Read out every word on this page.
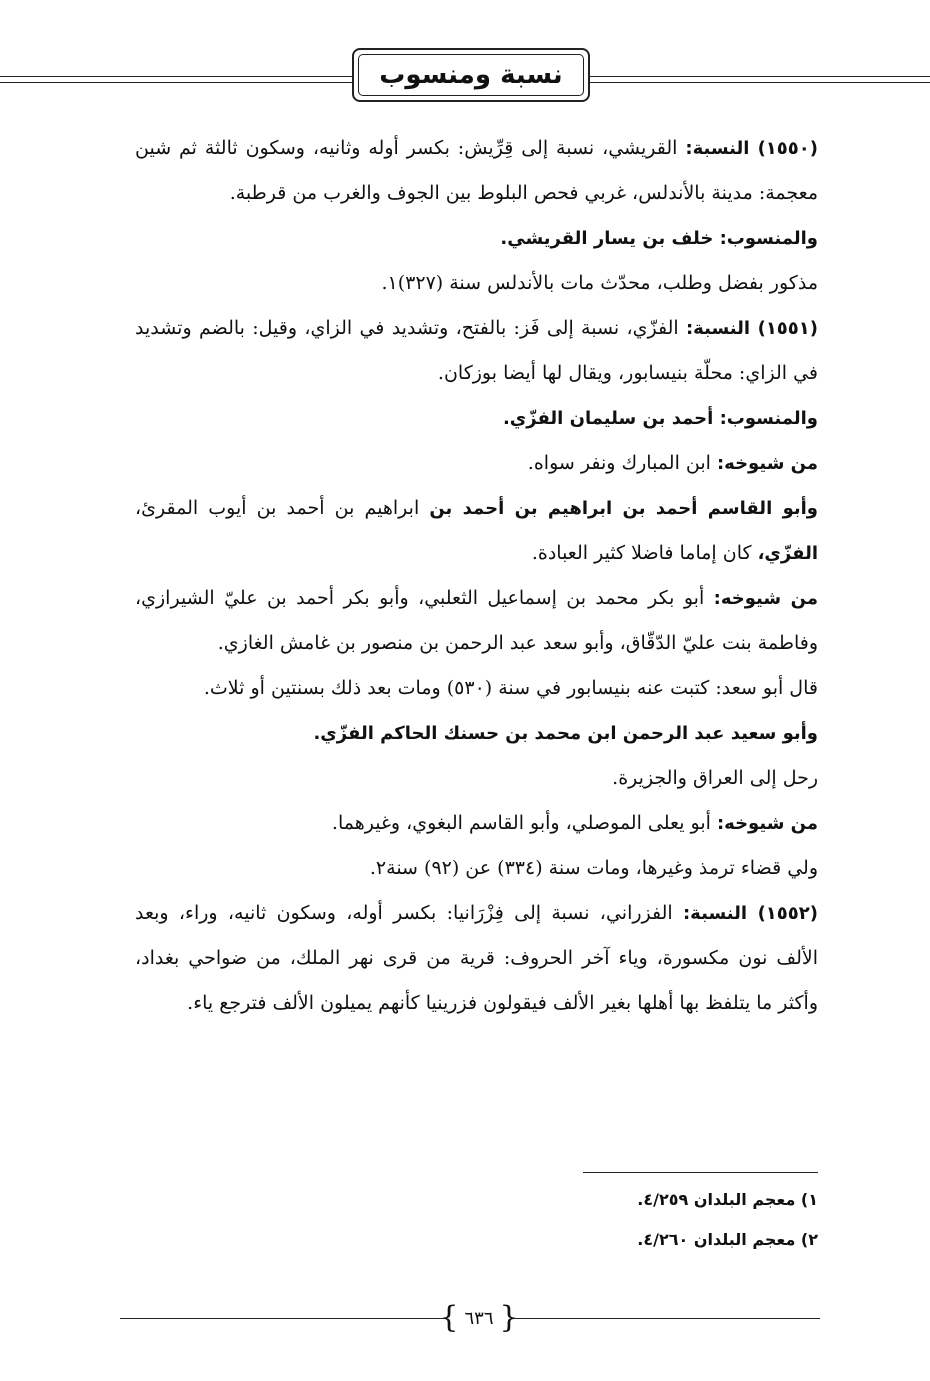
نسبة ومنسوب

(١٥٥٠) النسبة: القريشي، نسبة إلى قِرِّيش: بكسر أوله وثانيه، وسكون ثالثة ثم شين معجمة: مدينة بالأندلس، غربي فحص البلوط بين الجوف والغرب من قرطبة.

والمنسوب: خلف بن يسار القريشي.

مذكور بفضل وطلب، محدّث مات بالأندلس سنة (٣٢٧)١.

(١٥٥١) النسبة: الفزّي، نسبة إلى فَز: بالفتح، وتشديد في الزاي، وقيل: بالضم وتشديد في الزاي: محلّة بنيسابور، ويقال لها أيضا بوزكان.

والمنسوب: أحمد بن سليمان الفزّي.

من شيوخه: ابن المبارك ونفر سواه.

وأبو القاسم أحمد بن ابراهيم بن أحمد بن ابراهيم بن أحمد بن أيوب المقرئ، الفزّي، كان إماما فاضلا كثير العبادة.

من شيوخه: أبو بكر محمد بن إسماعيل الثعلبي، وأبو بكر أحمد بن عليّ الشيرازي، وفاطمة بنت عليّ الدّقّاق، وأبو سعد عبد الرحمن بن منصور بن غامش الغازي.

قال أبو سعد: كتبت عنه بنيسابور في سنة (٥٣٠) ومات بعد ذلك بسنتين أو ثلاث.

وأبو سعيد عبد الرحمن ابن محمد بن حسنك الحاكم الفزّي.

رحل إلى العراق والجزيرة.

من شيوخه: أبو يعلى الموصلي، وأبو القاسم البغوي، وغيرهما.

ولي قضاء ترمذ وغيرها، ومات سنة (٣٣٤) عن (٩٢) سنة٢.

(١٥٥٢) النسبة: الفزراني، نسبة إلى فِزْرَانيا: بكسر أوله، وسكون ثانيه، وراء، وبعد الألف نون مكسورة، وياء آخر الحروف: قرية من قرى نهر الملك، من ضواحي بغداد، وأكثر ما يتلفظ بها أهلها بغير الألف فيقولون فزرينيا كأنهم يميلون الألف فترجع ياء.

١) معجم البلدان ٤/٢٥٩.

٢) معجم البلدان ٤/٢٦٠.

{ ٦٣٦ }
